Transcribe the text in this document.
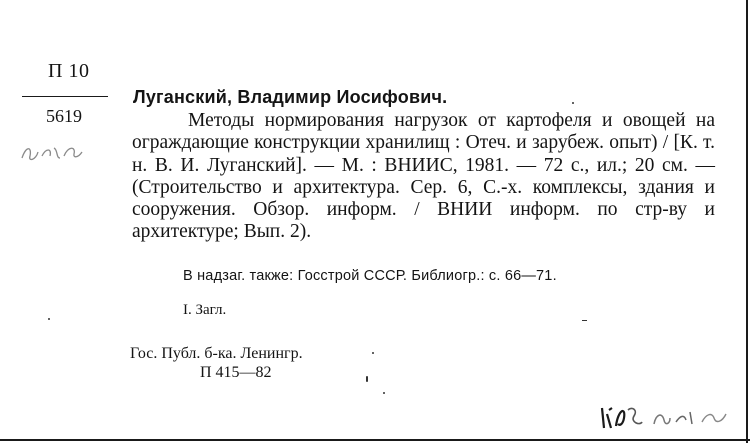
П 10
5619
Луганский, Владимир Иосифович.
Методы нормирования нагрузок от картофеля и овощей на ограждающие конструкции хранилищ : Отеч. и зарубеж. опыт) / [К. т. н. В. И. Луганский]. — М. : ВНИИС, 1981. — 72 с., ил.; 20 см. — (Строительство и архитектура. Сер. 6, С.-х. комплексы, здания и сооружения. Обзор. информ. / ВНИИ информ. по стр-ву и архитектуре; Вып. 2).
В надзаг. также: Госстрой СССР. Библиогр.: с. 66—71.
I. Загл.
Гос. Публ. б-ка. Ленингр.
П 415—82
